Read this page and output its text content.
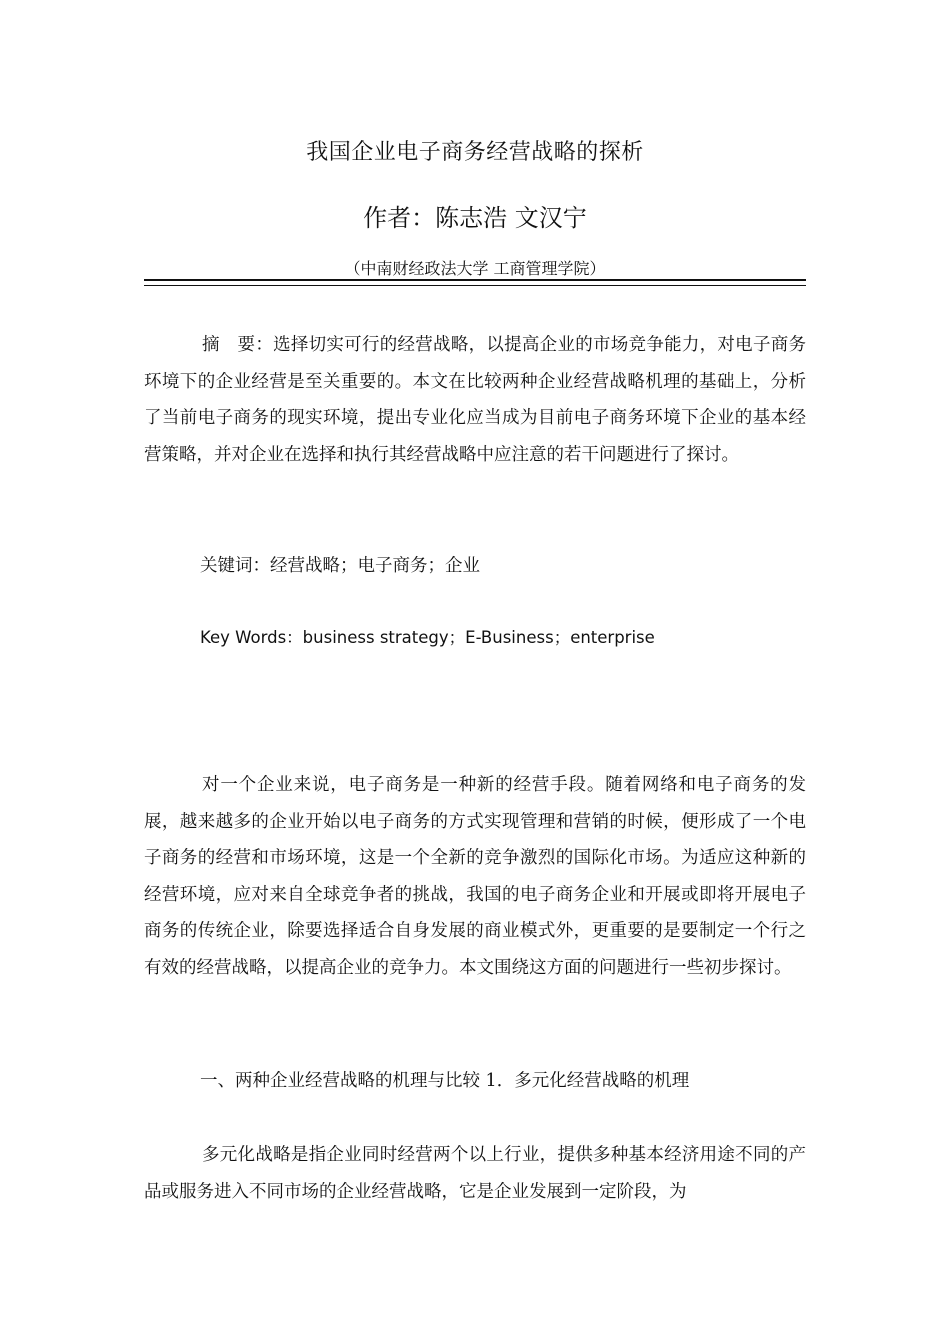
我国企业电子商务经营战略的探析
作者：陈志浩 文汉宁
（中南财经政法大学 工商管理学院）
摘　要：选择切实可行的经营战略，以提高企业的市场竞争能力，对电子商务环境下的企业经营是至关重要的。本文在比较两种企业经营战略机理的基础上，分析了当前电子商务的现实环境，提出专业化应当成为目前电子商务环境下企业的基本经营策略，并对企业在选择和执行其经营战略中应注意的若干问题进行了探讨。
关键词：经营战略；电子商务；企业
Key Words：business strategy；E-Business；enterprise
对一个企业来说，电子商务是一种新的经营手段。随着网络和电子商务的发展，越来越多的企业开始以电子商务的方式实现管理和营销的时候，便形成了一个电子商务的经营和市场环境，这是一个全新的竞争激烈的国际化市场。为适应这种新的经营环境，应对来自全球竞争者的挑战，我国的电子商务企业和开展或即将开展电子商务的传统企业，除要选择适合自身发展的商业模式外，更重要的是要制定一个行之有效的经营战略，以提高企业的竞争力。本文围绕这方面的问题进行一些初步探讨。
一、两种企业经营战略的机理与比较 1．多元化经营战略的机理
多元化战略是指企业同时经营两个以上行业，提供多种基本经济用途不同的产品或服务进入不同市场的企业经营战略，它是企业发展到一定阶段，为
